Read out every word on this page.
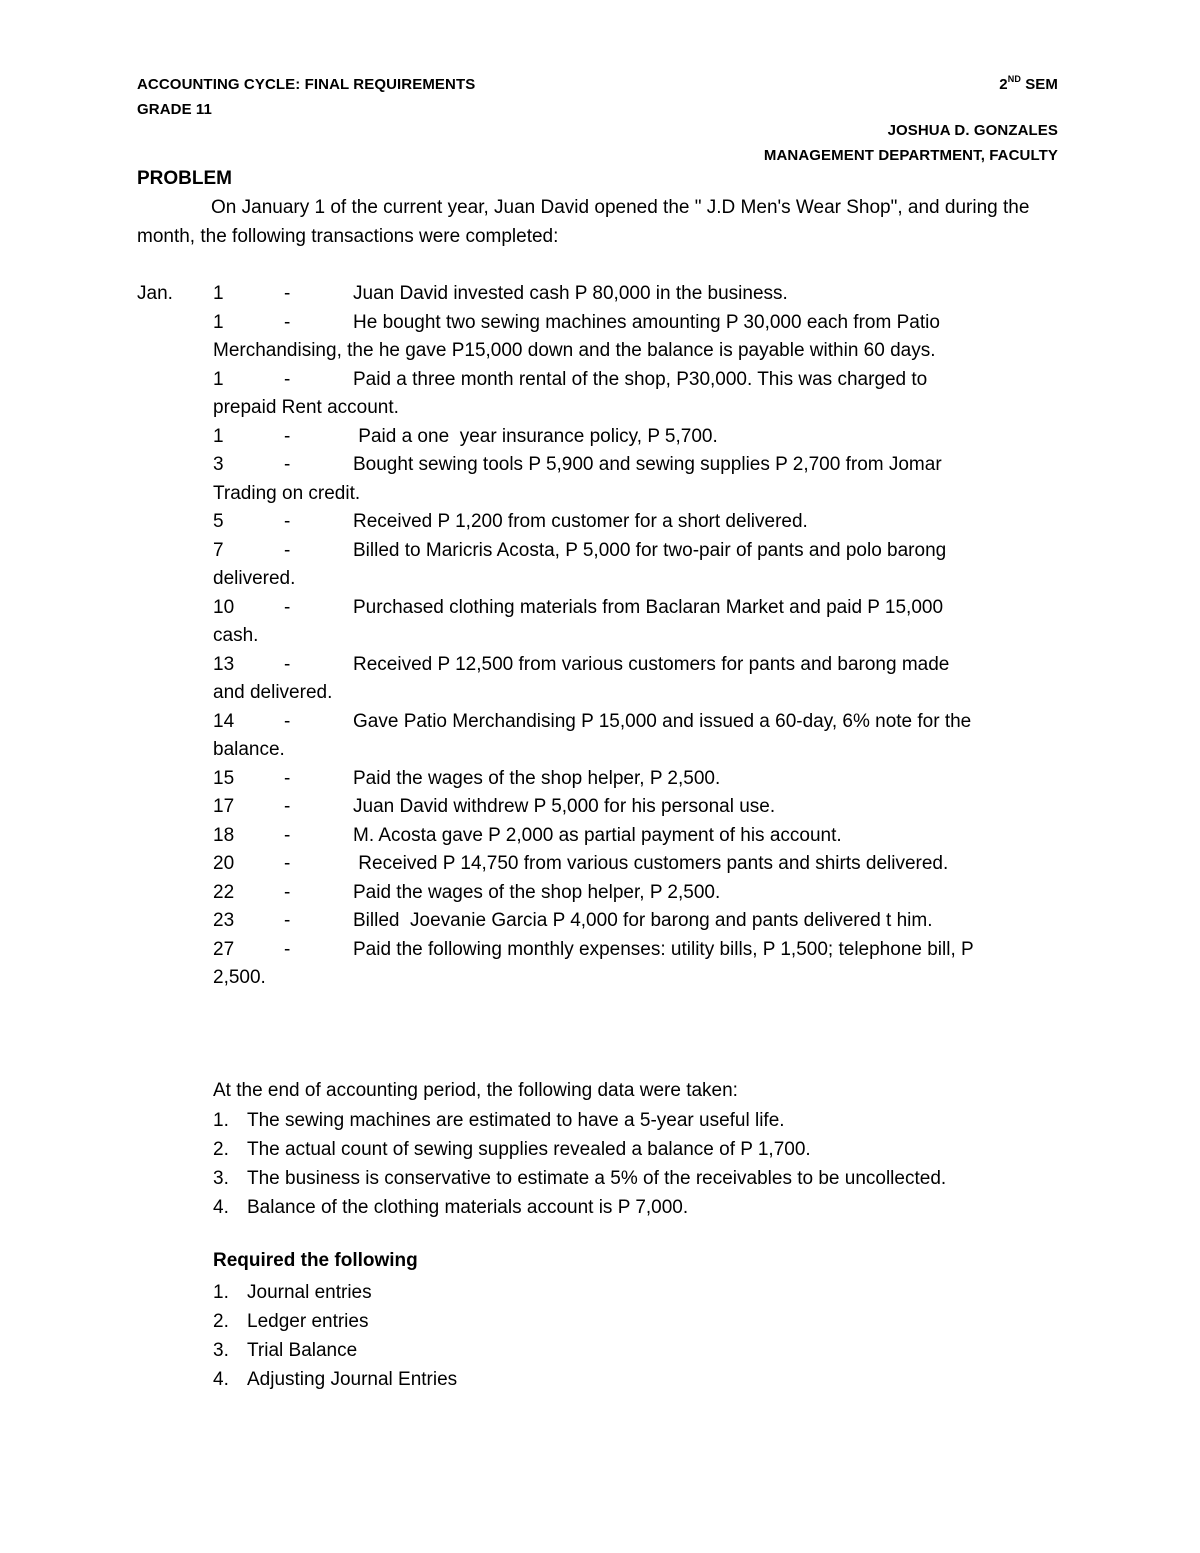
ACCOUNTING CYCLE: FINAL REQUIREMENTS
GRADE 11
2ND SEM
JOSHUA D. GONZALES
MANAGEMENT DEPARTMENT, FACULTY
PROBLEM
On January 1 of the current year, Juan David opened the " J.D Men's Wear Shop", and during the month, the following transactions were completed:
Jan. 1	-	Juan David invested cash P 80,000 in the business.
1	-	He bought two sewing machines amounting P 30,000 each from Patio
Merchandising, the he gave P15,000 down and the balance is payable within 60 days.
1	-	Paid a three month rental of the shop, P30,000. This was charged to
prepaid Rent account.
1	-	Paid a one  year insurance policy, P 5,700.
3	-	Bought sewing tools P 5,900 and sewing supplies P 2,700 from Jomar
Trading on credit.
5	-	Received P 1,200 from customer for a short delivered.
7	-	Billed to Maricris Acosta, P 5,000 for two-pair of pants and polo barong
delivered.
10	-	Purchased clothing materials from Baclaran Market and paid P 15,000
cash.
13	-	Received P 12,500 from various customers for pants and barong made
and delivered.
14	-	Gave Patio Merchandising P 15,000 and issued a 60-day, 6% note for the
balance.
15	-	Paid the wages of the shop helper, P 2,500.
17	-	Juan David withdrew P 5,000 for his personal use.
18	-	M. Acosta gave P 2,000 as partial payment of his account.
20	-	Received P 14,750 from various customers pants and shirts delivered.
22	-	Paid the wages of the shop helper, P 2,500.
23	-	Billed  Joevanie Garcia P 4,000 for barong and pants delivered t him.
27	-	Paid the following monthly expenses: utility bills, P 1,500; telephone bill, P
2,500.
At the end of accounting period, the following data were taken:
1. The sewing machines are estimated to have a 5-year useful life.
2. The actual count of sewing supplies revealed a balance of P 1,700.
3. The business is conservative to estimate a 5% of the receivables to be uncollected.
4. Balance of the clothing materials account is P 7,000.
Required the following
1. Journal entries
2. Ledger entries
3. Trial Balance
4. Adjusting Journal Entries
